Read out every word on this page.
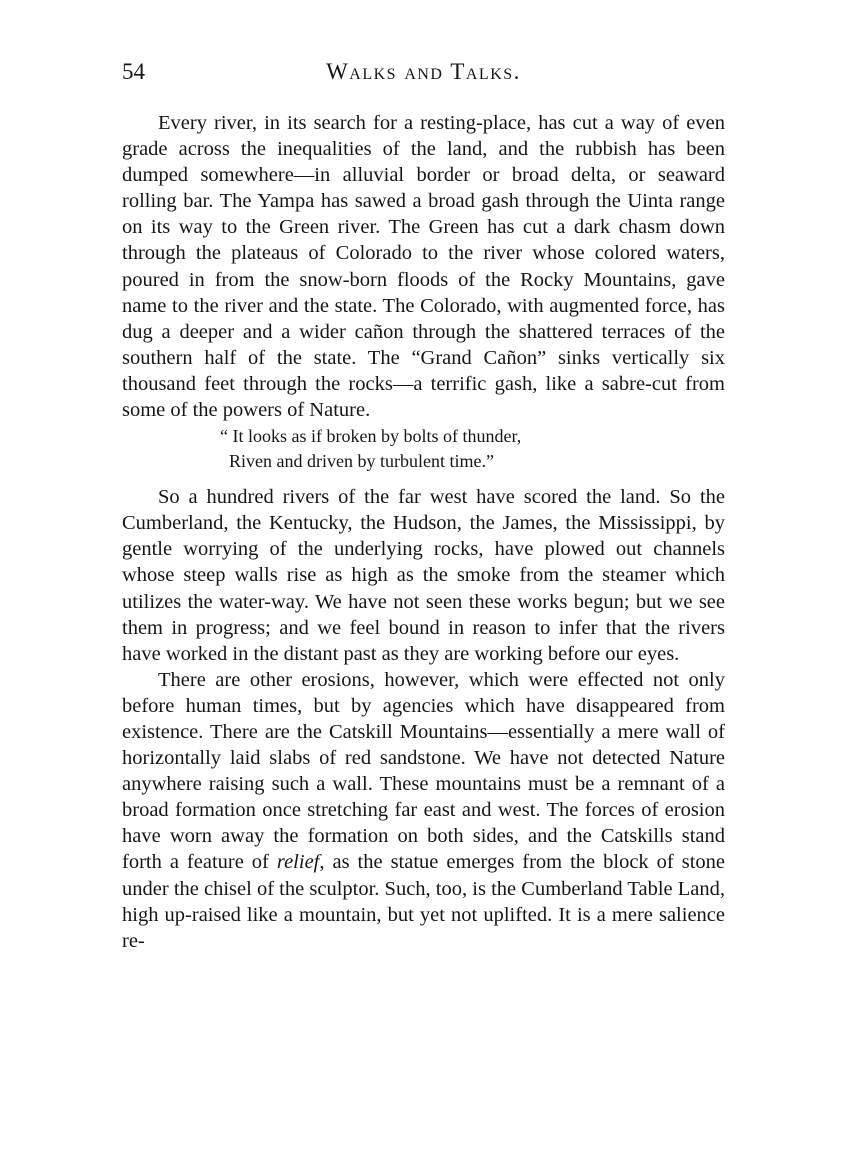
54	Walks and Talks.

Every river, in its search for a resting-place, has cut a way of even grade across the inequalities of the land, and the rubbish has been dumped somewhere—in alluvial border or broad delta, or seaward rolling bar. The Yampa has sawed a broad gash through the Uinta range on its way to the Green river. The Green has cut a dark chasm down through the plateaus of Colorado to the river whose colored waters, poured in from the snow-born floods of the Rocky Mountains, gave name to the river and the state. The Colorado, with augmented force, has dug a deeper and a wider cañon through the shattered terraces of the southern half of the state. The “Grand Cañon” sinks vertically six thousand feet through the rocks—a terrific gash, like a sabre-cut from some of the powers of Nature.

“ It looks as if broken by bolts of thunder,
Riven and driven by turbulent time.”

So a hundred rivers of the far west have scored the land. So the Cumberland, the Kentucky, the Hudson, the James, the Mississippi, by gentle worrying of the underlying rocks, have plowed out channels whose steep walls rise as high as the smoke from the steamer which utilizes the water-way. We have not seen these works begun; but we see them in progress; and we feel bound in reason to infer that the rivers have worked in the distant past as they are working before our eyes.

There are other erosions, however, which were effected not only before human times, but by agencies which have disappeared from existence. There are the Catskill Mountains—essentially a mere wall of horizontally laid slabs of red sandstone. We have not detected Nature anywhere raising such a wall. These mountains must be a remnant of a broad formation once stretching far east and west. The forces of erosion have worn away the formation on both sides, and the Catskills stand forth a feature of relief, as the statue emerges from the block of stone under the chisel of the sculptor. Such, too, is the Cumberland Table Land, high up-raised like a mountain, but yet not uplifted. It is a mere salience re-
